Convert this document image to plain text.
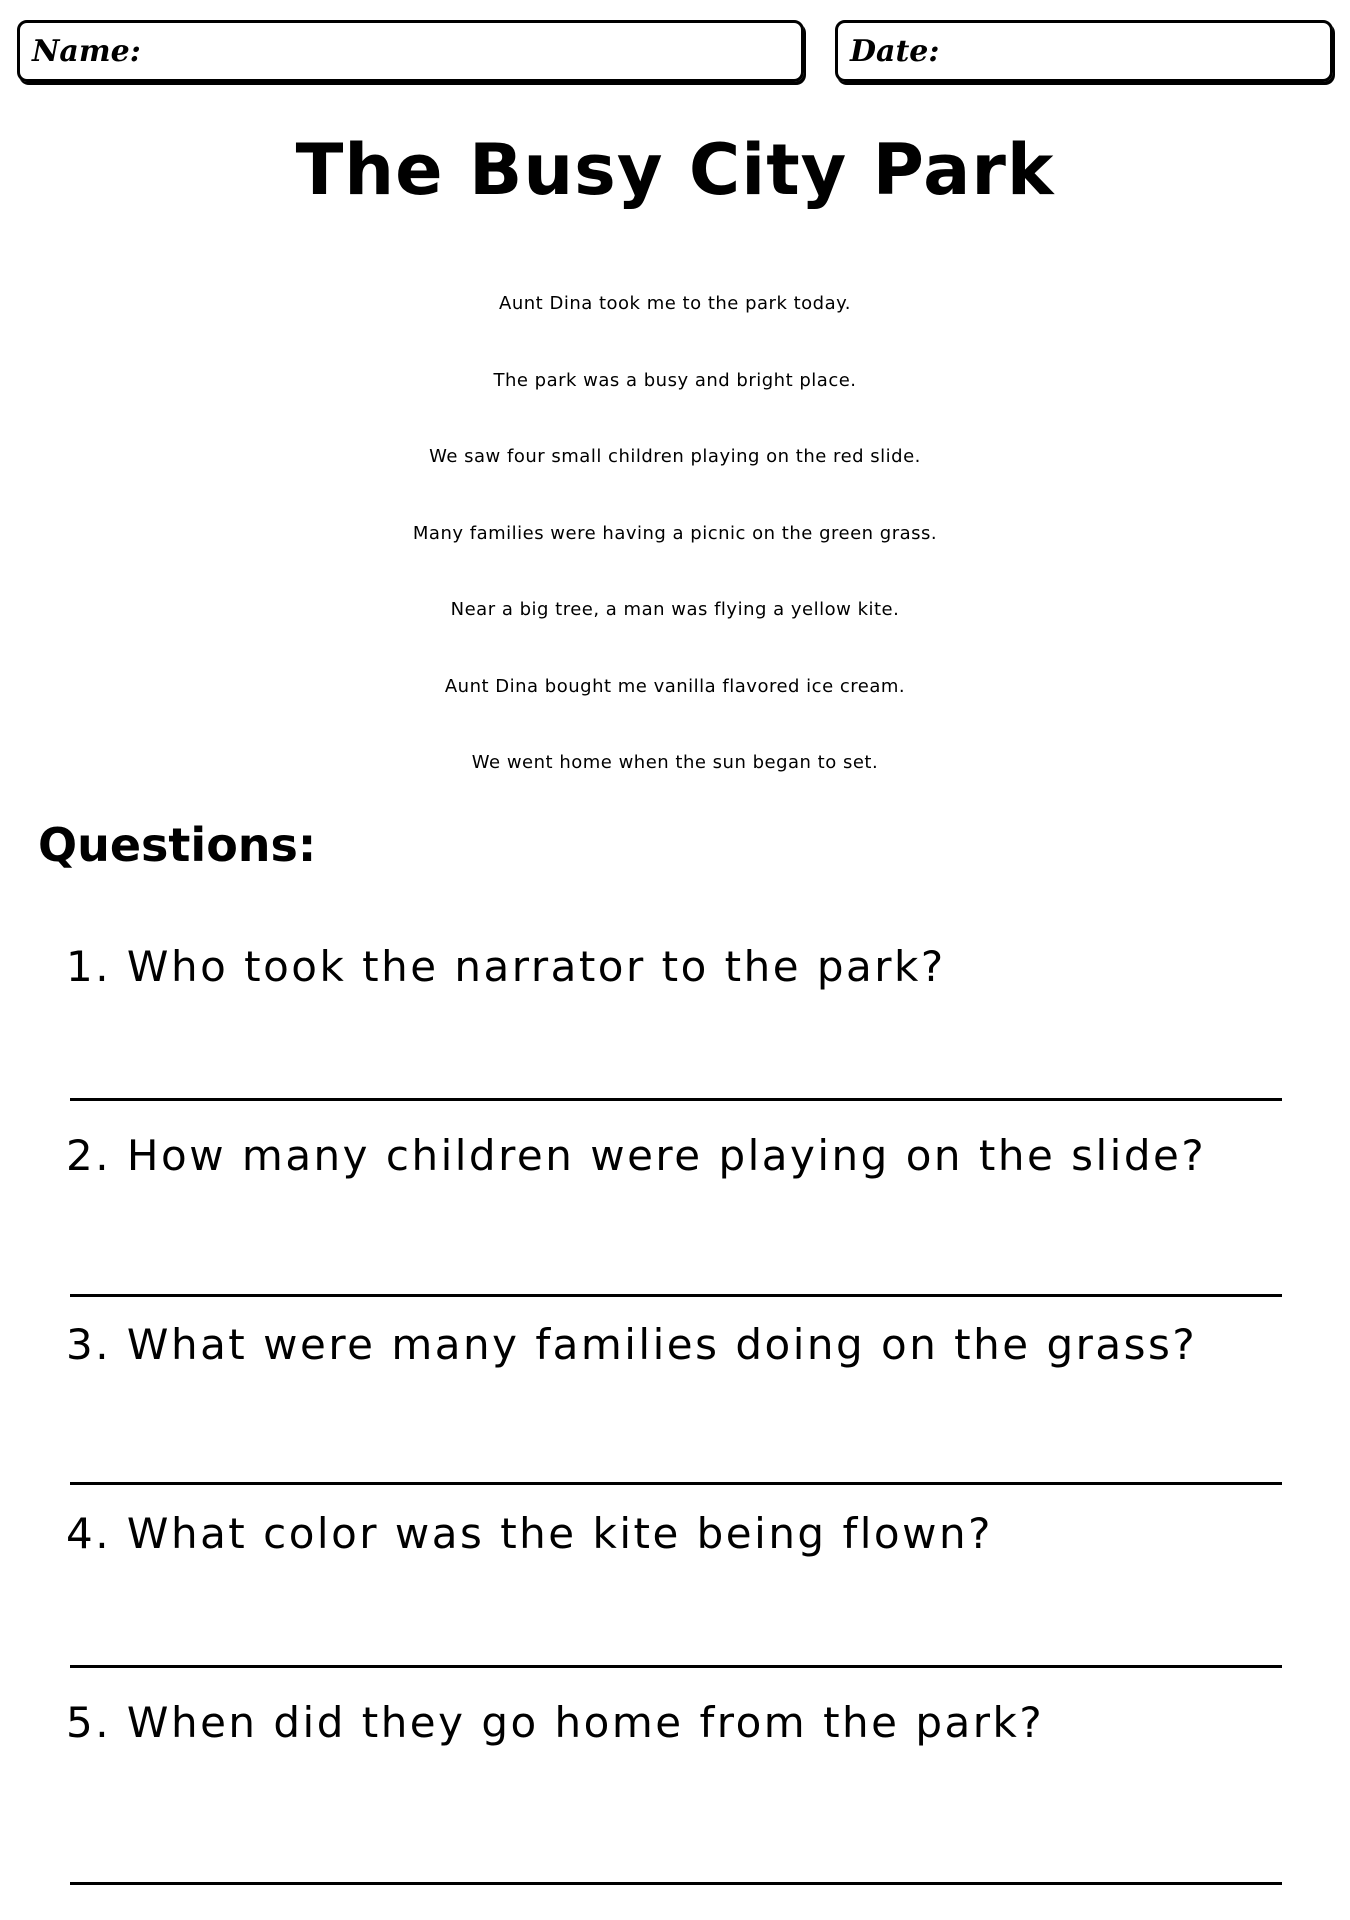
Name:	Date:
The Busy City Park
Aunt Dina took me to the park today.
The park was a busy and bright place.
We saw four small children playing on the red slide.
Many families were having a picnic on the green grass.
Near a big tree, a man was flying a yellow kite.
Aunt Dina bought me vanilla flavored ice cream.
We went home when the sun began to set.
Questions:
1. Who took the narrator to the park?
2. How many children were playing on the slide?
3. What were many families doing on the grass?
4. What color was the kite being flown?
5. When did they go home from the park?
